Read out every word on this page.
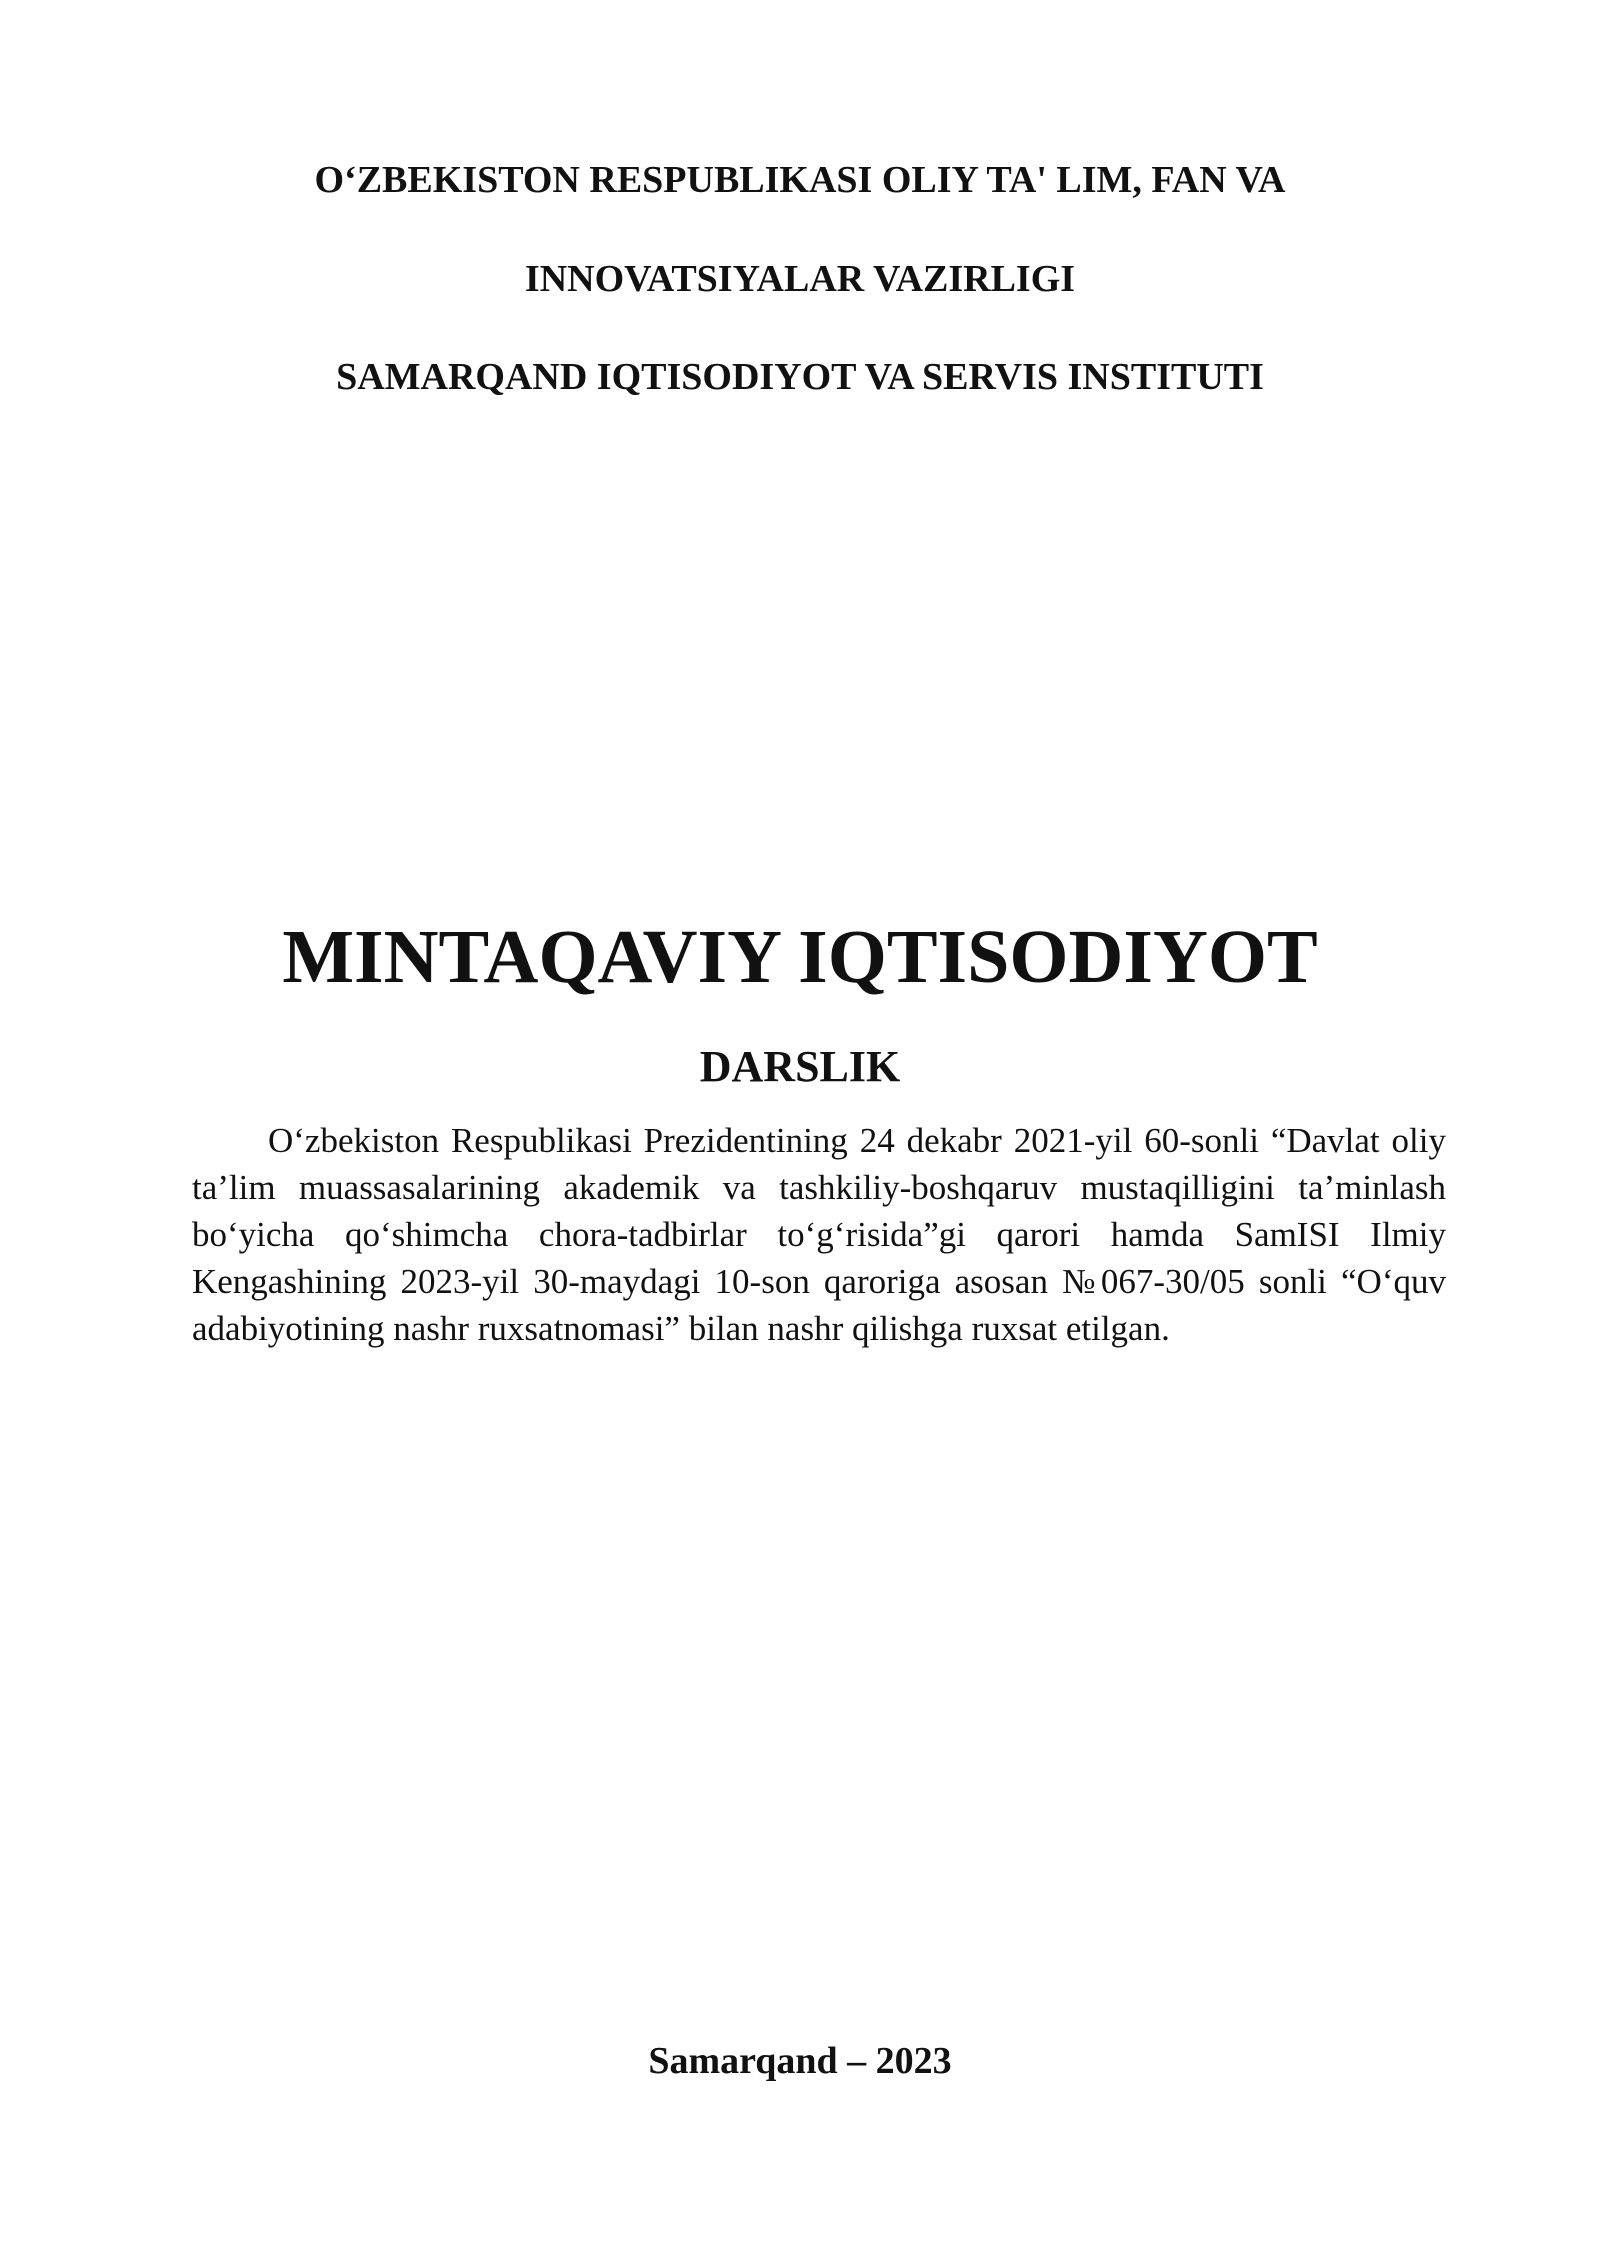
O‘ZBEKISTON RESPUBLIKASI OLIY TA' LIM, FAN VA

INNOVATSIYALAR VAZIRLIGI

SAMARQAND IQTISODIYOT VA SERVIS INSTITUTI

MINTAQAVIY IQTISODIYOT
DARSLIK

O‘zbekiston Respublikasi Prezidentining 24 dekabr 2021-yil 60-sonli “Davlat oliy ta’lim muassasalarining akademik va tashkiliy-boshqaruv mustaqilligini ta’minlash bo‘yicha qo‘shimcha chora-tadbirlar to‘g‘risida”gi qarori hamda SamISI Ilmiy Kengashining 2023-yil 30-maydagi 10-son qaroriga asosan №067-30/05 sonli “O‘quv adabiyotining nashr ruxsatnomasi” bilan nashr qilishga ruxsat etilgan.

Samarqand – 2023
